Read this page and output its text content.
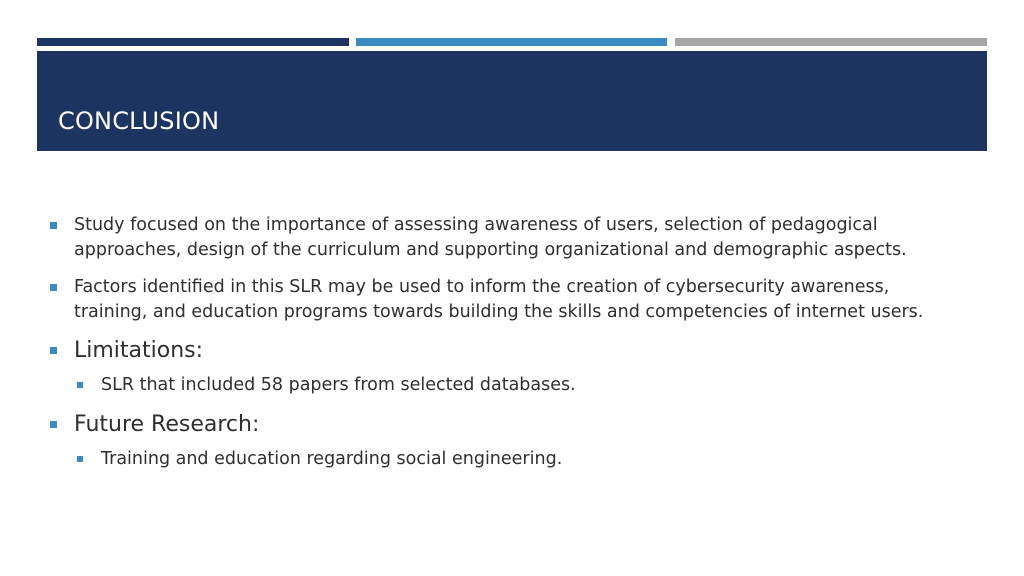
CONCLUSION
Study focused on the importance of assessing awareness of users, selection of pedagogical approaches, design of the curriculum and supporting organizational and demographic aspects.
Factors identified in this SLR may be used to inform the creation of cybersecurity awareness, training, and education programs towards building the skills and competencies of internet users.
Limitations:
SLR that included 58 papers from selected databases.
Future Research:
Training and education regarding social engineering.
